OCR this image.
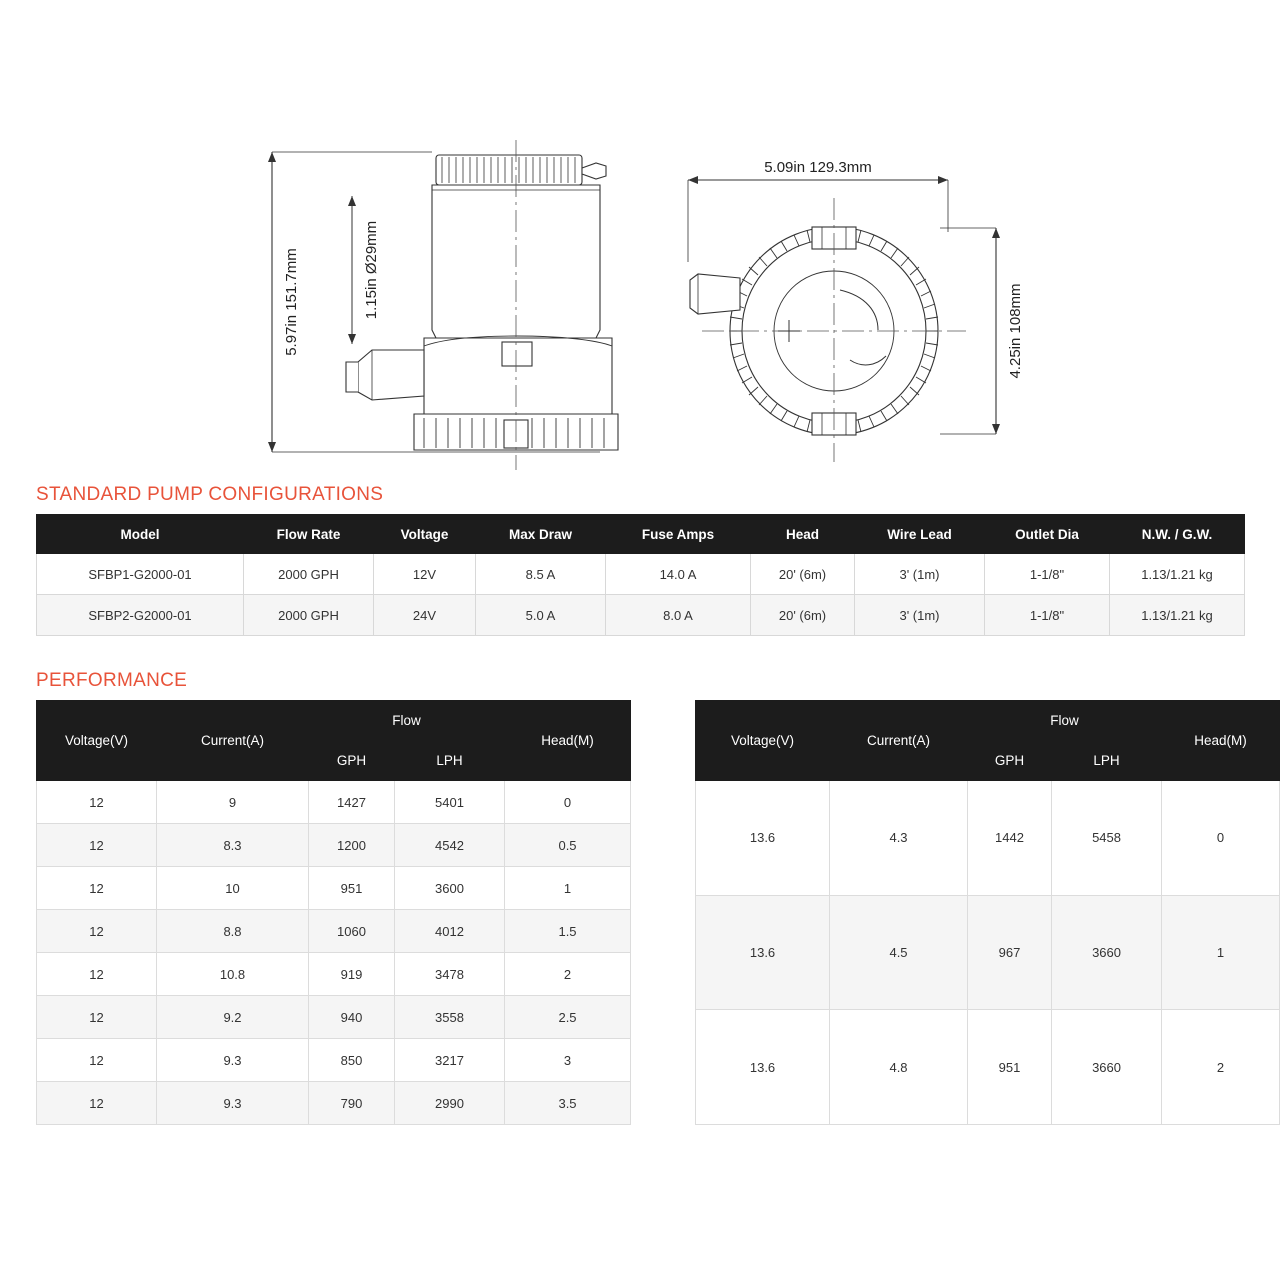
5.97in 151.7mm	1.15in Ø29mm
5.09in 129.3mm
4.25in 108mm
STANDARD PUMP CONFIGURATIONS
Model	Flow Rate	Voltage	Max Draw	Fuse Amps	Head	Wire Lead	Outlet Dia	N.W. / G.W.
SFBP1-G2000-01	2000 GPH	12V	8.5 A	14.0 A	20' (6m)	3' (1m)	1-1/8"	1.13/1.21 kg
SFBP2-G2000-01	2000 GPH	24V	5.0 A	8.0 A	20' (6m)	3' (1m)	1-1/8"	1.13/1.21 kg
PERFORMANCE
Voltage(V)	Current(A)	Flow		Head(M)
		GPH	LPH	
12	9	1427	5401	0
12	8.3	1200	4542	0.5
12	10	951	3600	1
12	8.8	1060	4012	1.5
12	10.8	919	3478	2
12	9.2	940	3558	2.5
12	9.3	850	3217	3
12	9.3	790	2990	3.5
Voltage(V)	Current(A)	Flow		Head(M)
		GPH	LPH	
13.6	4.3	1442	5458	0
13.6	4.5	967	3660	1
13.6	4.8	951	3660	2
